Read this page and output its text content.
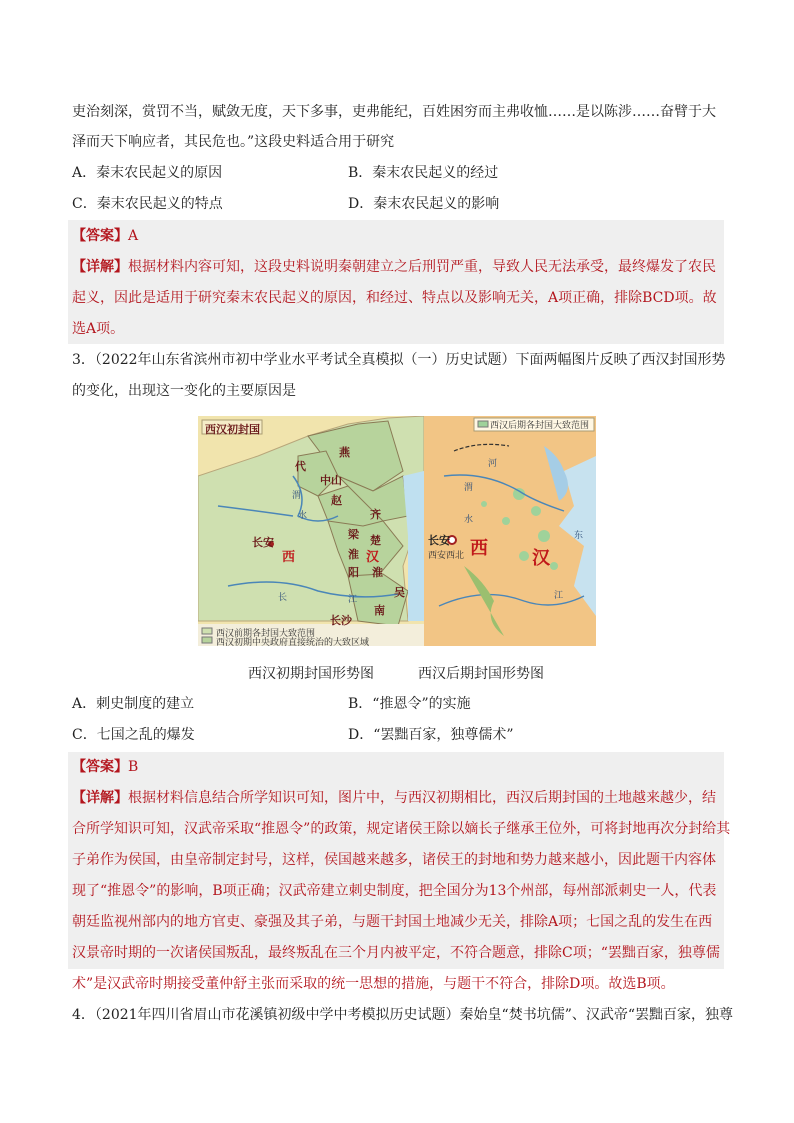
吏治刻深，赏罚不当，赋敛无度，天下多事，吏弗能纪，百姓困穷而主弗收恤……是以陈涉……奋臂于大
泽而天下响应者，其民危也。”这段史料适合用于研究
A．秦末农民起义的原因	B．秦末农民起义的经过
C．秦末农民起义的特点	D．秦末农民起义的影响
【答案】A
【详解】根据材料内容可知，这段史料说明秦朝建立之后刑罚严重，导致人民无法承受，最终爆发了农民
起义，因此是适用于研究秦末农民起义的原因，和经过、特点以及影响无关，A项正确，排除BCD项。故
选A项。
3．（2022年山东省滨州市初中学业水平考试全真模拟（一）历史试题）下面两幅图片反映了西汉封国形势
的变化，出现这一变化的主要原因是
西汉初封国
燕
代
中山
赵
齐
梁 楚
淮 汉
阳 淮
吴
南
长沙
长安
西
渭
水
长	江
西汉前期各封国大致范围
西汉初期中央政府直接统治的大致区域
西汉后期各封国大致范围
长安
西安西北 西 汉
渭
水
东
江
河
西汉初期封国形势图	西汉后期封国形势图
A．刺史制度的建立	B．“推恩令”的实施
C．七国之乱的爆发	D．“罢黜百家，独尊儒术”
【答案】B
【详解】根据材料信息结合所学知识可知，图片中，与西汉初期相比，西汉后期封国的土地越来越少，结
合所学知识可知，汉武帝采取“推恩令”的政策，规定诸侯王除以嫡长子继承王位外，可将封地再次分封给其
子弟作为侯国，由皇帝制定封号，这样，侯国越来越多，诸侯王的封地和势力越来越小，因此题干内容体
现了“推恩令”的影响，B项正确；汉武帝建立刺史制度，把全国分为13个州部，每州部派刺史一人，代表
朝廷监视州部内的地方官吏、豪强及其子弟，与题干封国土地减少无关，排除A项；七国之乱的发生在西
汉景帝时期的一次诸侯国叛乱，最终叛乱在三个月内被平定，不符合题意，排除C项；“罢黜百家，独尊儒
术”是汉武帝时期接受董仲舒主张而采取的统一思想的措施，与题干不符合，排除D项。故选B项。
4．（2021年四川省眉山市花溪镇初级中学中考模拟历史试题）秦始皇“焚书坑儒”、汉武帝“罢黜百家，独尊
